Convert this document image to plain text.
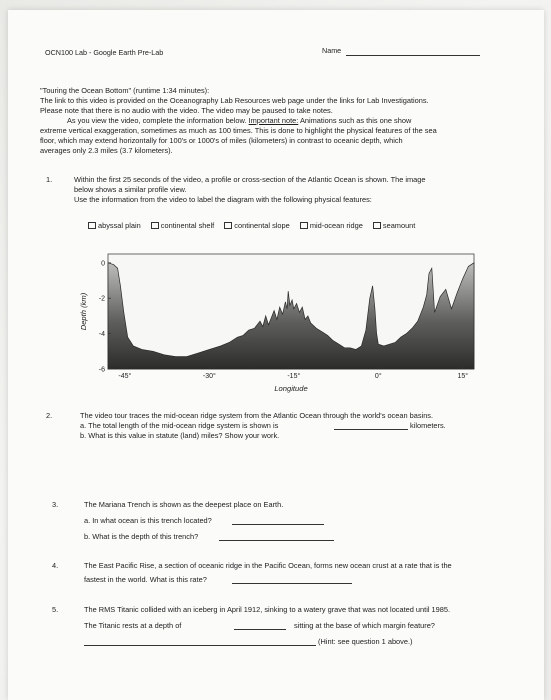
OCN100 Lab - Google Earth Pre-Lab	Name
"Touring the Ocean Bottom" (runtime 1:34 minutes):
The link to this video is provided on the Oceanography Lab Resources web page under the links for Lab Investigations.
Please note that there is no audio with the video. The video may be paused to take notes.
As you view the video, complete the information below. Important note: Animations such as this one show
extreme vertical exaggeration, sometimes as much as 100 times. This is done to highlight the physical features of the sea
floor, which may extend horizontally for 100's or 1000's of miles (kilometers) in contrast to oceanic depth, which
averages only 2.3 miles (3.7 kilometers).
1.	Within the first 25 seconds of the video, a profile or cross-section of the Atlantic Ocean is shown. The image
below shows a similar profile view.
Use the information from the video to label the diagram with the following physical features:
abyssal plain	continental shelf	continental slope	mid-ocean ridge	seamount
-45°	-30°	-15°	0°	15°
0
-2
-4
-6
Longitude
Depth (km)
2.	The video tour traces the mid-ocean ridge system from the Atlantic Ocean through the world's ocean basins.
a. The total length of the mid-ocean ridge system is shown is	kilometers.
b. What is this value in statute (land) miles? Show your work.
3.	The Mariana Trench is shown as the deepest place on Earth.
a. In what ocean is this trench located?
b. What is the depth of this trench?
4.	The East Pacific Rise, a section of oceanic ridge in the Pacific Ocean, forms new ocean crust at a rate that is the
fastest in the world. What is this rate?
5.	The RMS Titanic collided with an iceberg in April 1912, sinking to a watery grave that was not located until 1985.
The Titanic rests at a depth of	sitting at the base of which margin feature?
(Hint: see question 1 above.)
